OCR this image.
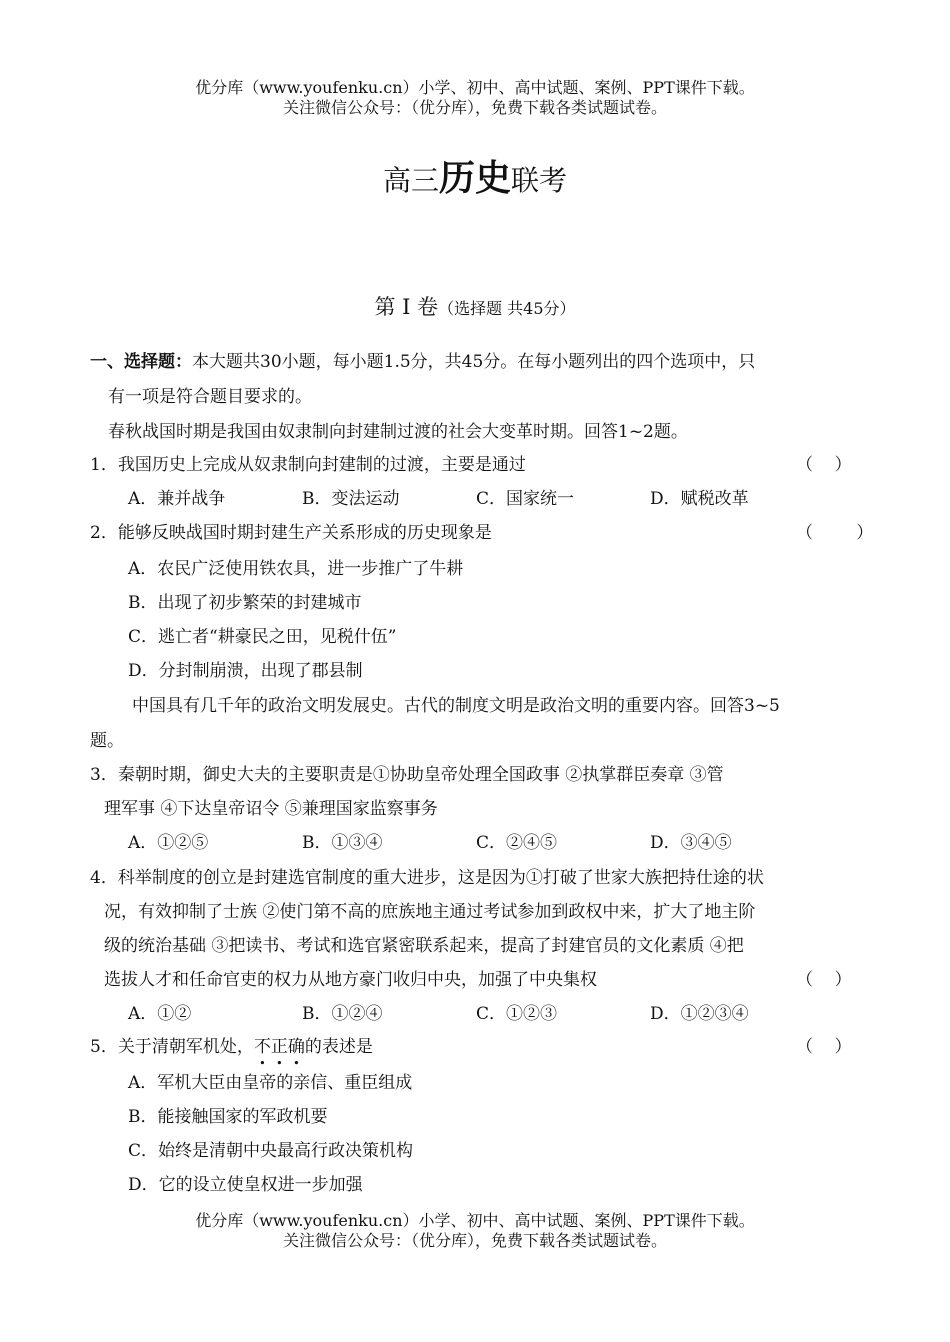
优分库（www.youfenku.cn）小学、初中、高中试题、案例、PPT课件下载。
关注微信公众号：（优分库），免费下载各类试题试卷。
高三历史联考
第 I 卷（选择题 共45分）
一、选择题：本大题共30小题，每小题1.5分，共45分。在每小题列出的四个选项中，只
有一项是符合题目要求的。
春秋战国时期是我国由奴隶制向封建制过渡的社会大变革时期。回答1~2题。
1．我国历史上完成从奴隶制向封建制的过渡，主要是通过	（    ）
A．兼并战争	B．变法运动	C．国家统一	D．赋税改革
2．能够反映战国时期封建生产关系形成的历史现象是	（        ）
A．农民广泛使用铁农具，进一步推广了牛耕
B．出现了初步繁荣的封建城市
C．逃亡者“耕豪民之田，见税什伍”
D．分封制崩溃，出现了郡县制
中国具有几千年的政治文明发展史。古代的制度文明是政治文明的重要内容。回答3~5
题。
3．秦朝时期，御史大夫的主要职责是①协助皇帝处理全国政事 ②执掌群臣奏章 ③管
理军事 ④下达皇帝诏令 ⑤兼理国家监察事务
A．①②⑤	B．①③④	C．②④⑤	D．③④⑤
4．科举制度的创立是封建选官制度的重大进步，这是因为①打破了世家大族把持仕途的状
况，有效抑制了士族 ②使门第不高的庶族地主通过考试参加到政权中来，扩大了地主阶
级的统治基础 ③把读书、考试和选官紧密联系起来，提高了封建官员的文化素质 ④把
选拔人才和任命官吏的权力从地方豪门收归中央，加强了中央集权	（    ）
A．①②	B．①②④	C．①②③	D．①②③④
5．关于清朝军机处，不正确的表述是	（    ）
A．军机大臣由皇帝的亲信、重臣组成
B．能接触国家的军政机要
C．始终是清朝中央最高行政决策机构
D．它的设立使皇权进一步加强
优分库（www.youfenku.cn）小学、初中、高中试题、案例、PPT课件下载。
关注微信公众号：（优分库），免费下载各类试题试卷。
